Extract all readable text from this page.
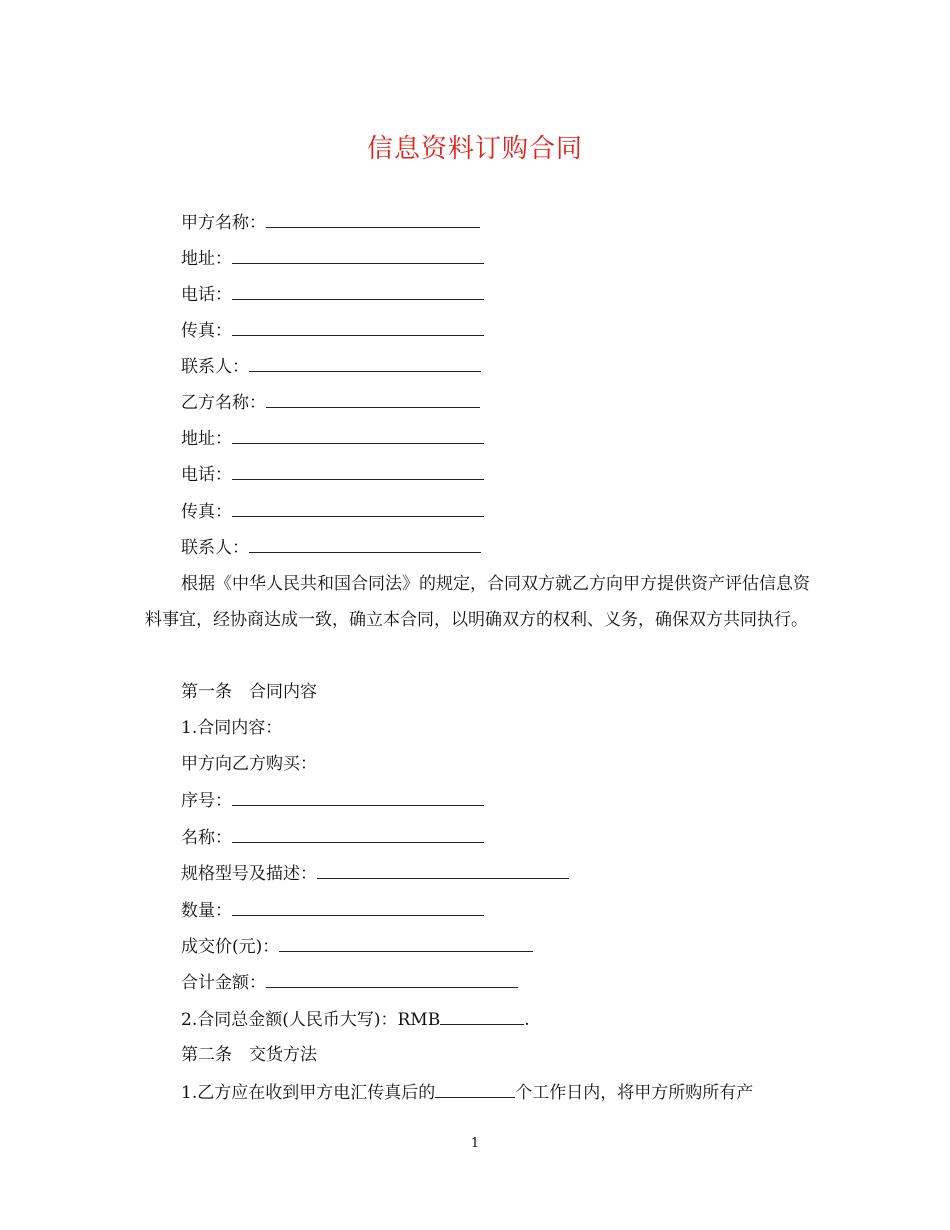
信息资料订购合同
甲方名称：
地址：
电话：
传真：
联系人：
乙方名称：
地址：
电话：
传真：
联系人：
根据《中华人民共和国合同法》的规定，合同双方就乙方向甲方提供资产评估信息资料事宜，经协商达成一致，确立本合同，以明确双方的权利、义务，确保双方共同执行。
第一条　合同内容
1.合同内容：
甲方向乙方购买：
序号：
名称：
规格型号及描述：
数量：
成交价(元)：
合计金额：
2.合同总金额(人民币大写)：RMB	.
第二条　交货方法
1.乙方应在收到甲方电汇传真后的	个工作日内，将甲方所购所有产
1
